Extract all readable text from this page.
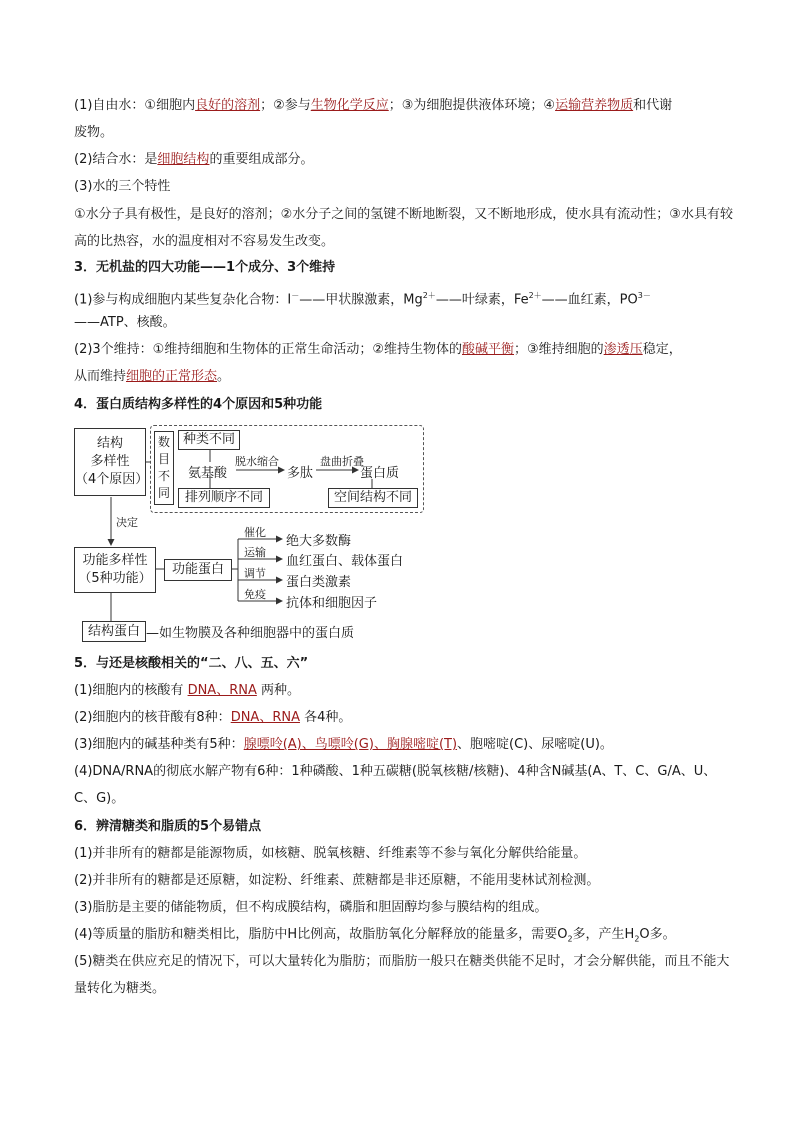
(1)自由水：①细胞内良好的溶剂；②参与生物化学反应；③为细胞提供液体环境；④运输营养物质和代谢
废物。
(2)结合水：是细胞结构的重要组成部分。
(3)水的三个特性
①水分子具有极性，是良好的溶剂；②水分子之间的氢键不断地断裂，又不断地形成，使水具有流动性；③水具有较高的比热容，水的温度相对不容易发生改变。
3．无机盐的四大功能——1个成分、3个维持
(1)参与构成细胞内某些复杂化合物：I－——甲状腺激素，$Mg^{2+}——$叶绿素，$Fe^{2+}——$血红素，$PO^{3-}$
——ATP、核酸。
(2)3个维持：①维持细胞和生物体的正常生命活动；②维持生物体的酸碱平衡；③维持细胞的渗透压稳定，
从而维持细胞的正常形态。
4．蛋白质结构多样性的4个原因和5种功能
结构
多样性
（4个原因）
数
目
不
同
种类不同
氨基酸
脱水缩合
多肽
盘曲折叠
蛋白质
排列顺序不同	空间结构不同
决定
功能多样性
（5种功能）
功能蛋白
催化
绝大多数酶
运输
血红蛋白、载体蛋白
调节
蛋白类激素
免疫
抗体和细胞因子
结构蛋白 —如生物膜及各种细胞器中的蛋白质
5．与还是核酸相关的“二、八、五、六”
(1)细胞内的核酸有 DNA、RNA 两种。
(2)细胞内的核苷酸有8种：DNA、RNA 各4种。
(3)细胞内的碱基种类有5种：腺嘌呤(A)、鸟嘌呤(G)、胸腺嘧啶(T)、胞嘧啶(C)、尿嘧啶(U)。
(4)DNA/RNA的彻底水解产物有6种：1种磷酸、1种五碳糖(脱氧核糖/核糖)、4种含N碱基(A、T、C、G/A、U、C、G)。
6．辨清糖类和脂质的5个易错点
(1)并非所有的糖都是能源物质，如核糖、脱氧核糖、纤维素等不参与氧化分解供给能量。
(2)并非所有的糖都是还原糖，如淀粉、纤维素、蔗糖都是非还原糖，不能用斐林试剂检测。
(3)脂肪是主要的储能物质，但不构成膜结构，磷脂和胆固醇均参与膜结构的组成。
(4)等质量的脂肪和糖类相比，脂肪中H比例高，故脂肪氧化分解释放的能量多，需要$O_2$多，产生$H_2O$多。
(5)糖类在供应充足的情况下，可以大量转化为脂肪；而脂肪一般只在糖类供能不足时，才会分解供能，而且不能大量转化为糖类。
